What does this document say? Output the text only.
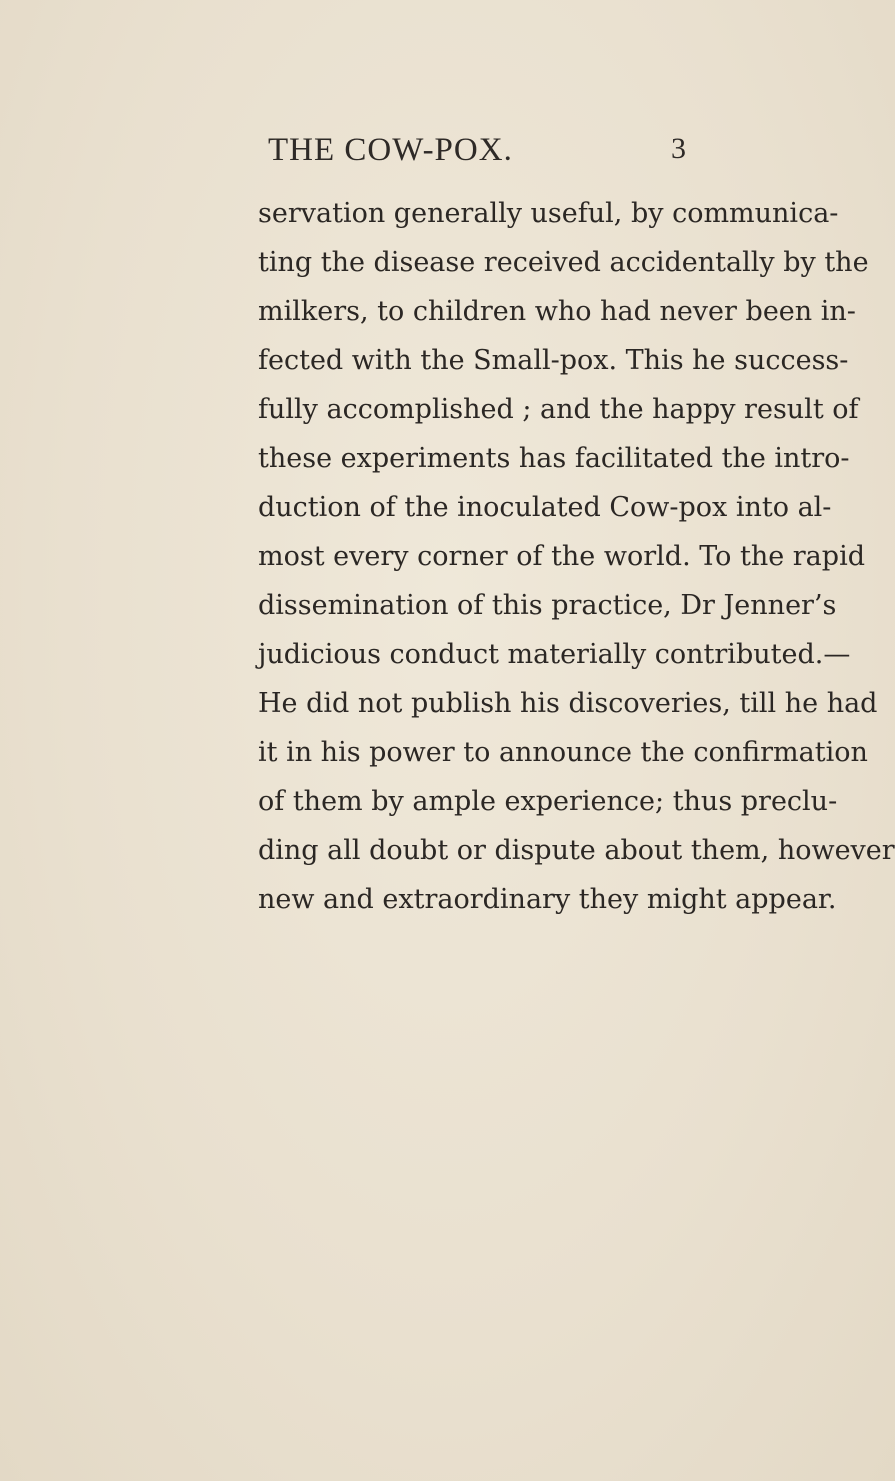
THE COW-POX.	3
servation generally useful, by communica-
ting the disease received accidentally by the
milkers, to children who had never been in-
fected with the Small-pox. This he success-
fully accomplished ; and the happy result of
these experiments has facilitated the intro-
duction of the inoculated Cow-pox into al-
most every corner of the world. To the rapid
dissemination of this practice, Dr Jenner’s
judicious conduct materially contributed.—
He did not publish his discoveries, till he had
it in his power to announce the confirmation
of them by ample experience; thus preclu-
ding all doubt or dispute about them, however
new and extraordinary they might appear.
